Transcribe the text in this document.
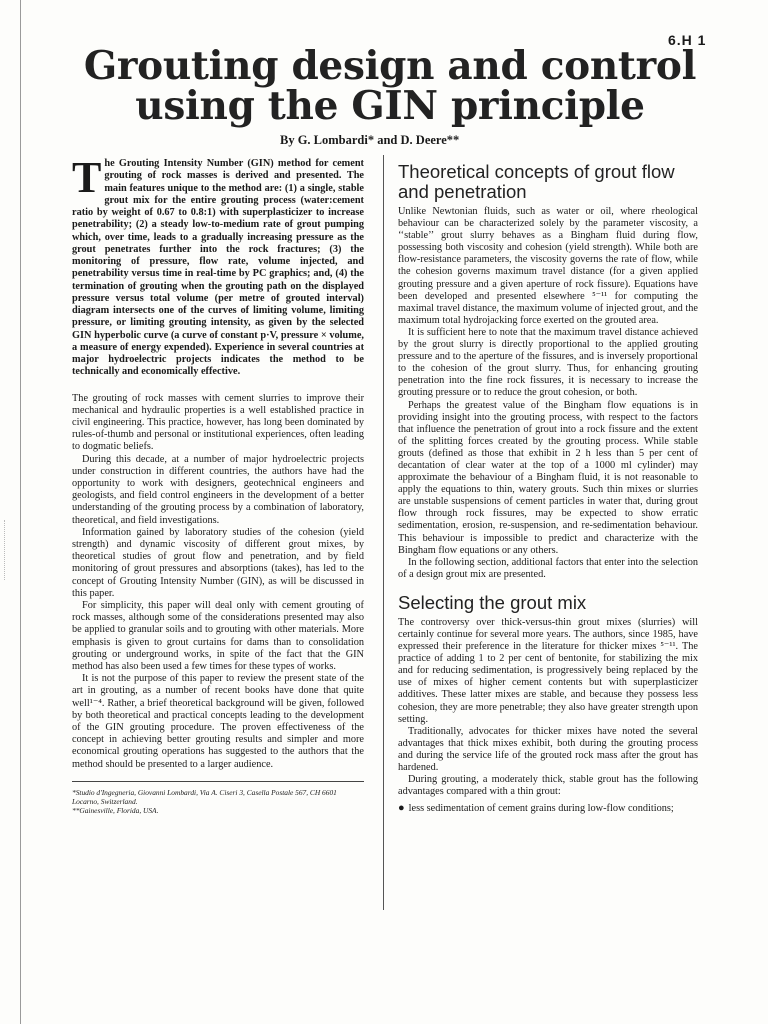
6.H 1
Grouting design and control
using the GIN principle

By G. Lombardi* and D. Deere**

The Grouting Intensity Number (GIN) method for cement grouting of rock masses is derived and presented. The main features unique to the method are: (1) a single, stable grout mix for the entire grouting process (water:cement ratio by weight of 0.67 to 0.8:1) with superplasticizer to increase penetrability; (2) a steady low-to-medium rate of grout pumping which, over time, leads to a gradually increasing pressure as the grout penetrates further into the rock fractures; (3) the monitoring of pressure, flow rate, volume injected, and penetrability versus time in real-time by PC graphics; and, (4) the termination of grouting when the grouting path on the displayed pressure versus total volume (per metre of grouted interval) diagram intersects one of the curves of limiting volume, limiting pressure, or limiting grouting intensity, as given by the selected GIN hyperbolic curve (a curve of constant p·V, pressure × volume, a measure of energy expended). Experience in several countries at major hydroelectric projects indicates the method to be technically and economically effective.

The grouting of rock masses with cement slurries to improve their mechanical and hydraulic properties is a well established practice in civil engineering. This practice, however, has long been dominated by rules-of-thumb and personal or institutional experiences, often leading to dogmatic beliefs.

During this decade, at a number of major hydroelectric projects under construction in different countries, the authors have had the opportunity to work with designers, geotechnical engineers and geologists, and field control engineers in the development of a better understanding of the grouting process by a combination of laboratory, theoretical, and field investigations.

Information gained by laboratory studies of the cohesion (yield strength) and dynamic viscosity of different grout mixes, by theoretical studies of grout flow and penetration, and by field monitoring of grout pressures and absorptions (takes), has led to the concept of Grouting Intensity Number (GIN), as will be discussed in this paper.

For simplicity, this paper will deal only with cement grouting of rock masses, although some of the considerations presented may also be applied to granular soils and to grouting with other materials. More emphasis is given to grout curtains for dams than to consolidation grouting or underground works, in spite of the fact that the GIN method has also been used a few times for these types of works.

It is not the purpose of this paper to review the present state of the art in grouting, as a number of recent books have done that quite well¹⁻⁴. Rather, a brief theoretical background will be given, followed by both theoretical and practical concepts leading to the development of the GIN grouting procedure. The proven effectiveness of the concept in achieving better grouting results and simpler and more economical grouting operations has suggested to the authors that the method should be presented to a larger audience.

*Studio d'Ingegneria, Giovanni Lombardi, Via A. Ciseri 3, Casella Postale 567, CH 6601 Locarno, Switzerland.

**Gainesville, Florida, USA.

Theoretical concepts of grout flow and penetration

Unlike Newtonian fluids, such as water or oil, where rheological behaviour can be characterized solely by the parameter viscosity, a ‘‘stable’’ grout slurry behaves as a Bingham fluid during flow, possessing both viscosity and cohesion (yield strength). While both are flow-resistance parameters, the viscosity governs the rate of flow, while the cohesion governs maximum travel distance (for a given applied grouting pressure and a given aperture of rock fissure). Equations have been developed and presented elsewhere ⁵⁻¹¹ for computing the maximal travel distance, the maximum volume of injected grout, and the maximum total hydrojacking force exerted on the grouted area.

It is sufficient here to note that the maximum travel distance achieved by the grout slurry is directly proportional to the applied grouting pressure and to the aperture of the fissures, and is inversely proportional to the cohesion of the grout slurry. Thus, for enhancing grouting penetration into the fine rock fissures, it is necessary to increase the grouting pressure or to reduce the grout cohesion, or both.

Perhaps the greatest value of the Bingham flow equations is in providing insight into the grouting process, with respect to the factors that influence the penetration of grout into a rock fissure and the extent of the splitting forces created by the grouting process. While stable grouts (defined as those that exhibit in 2 h less than 5 per cent of decantation of clear water at the top of a 1000 ml cylinder) may approximate the behaviour of a Bingham fluid, it is not reasonable to apply the equations to thin, watery grouts. Such thin mixes or slurries are unstable suspensions of cement particles in water that, during grout flow through rock fissures, may be expected to show erratic sedimentation, erosion, re-suspension, and re-sedimentation behaviour. This behaviour is impossible to predict and characterize with the Bingham flow equations or any others.

In the following section, additional factors that enter into the selection of a design grout mix are presented.

Selecting the grout mix

The controversy over thick-versus-thin grout mixes (slurries) will certainly continue for several more years. The authors, since 1985, have expressed their preference in the literature for thicker mixes ⁵⁻¹¹. The practice of adding 1 to 2 per cent of bentonite, for stabilizing the mix and for reducing sedimentation, is progressively being replaced by the use of mixes of higher cement contents but with superplasticizer additives. These latter mixes are stable, and because they possess less cohesion, they are more penetrable; they also have greater strength upon setting.

Traditionally, advocates for thicker mixes have noted the several advantages that thick mixes exhibit, both during the grouting process and during the service life of the grouted rock mass after the grout has hardened.

During grouting, a moderately thick, stable grout has the following advantages compared with a thin grout:

● less sedimentation of cement grains during low-flow conditions;
